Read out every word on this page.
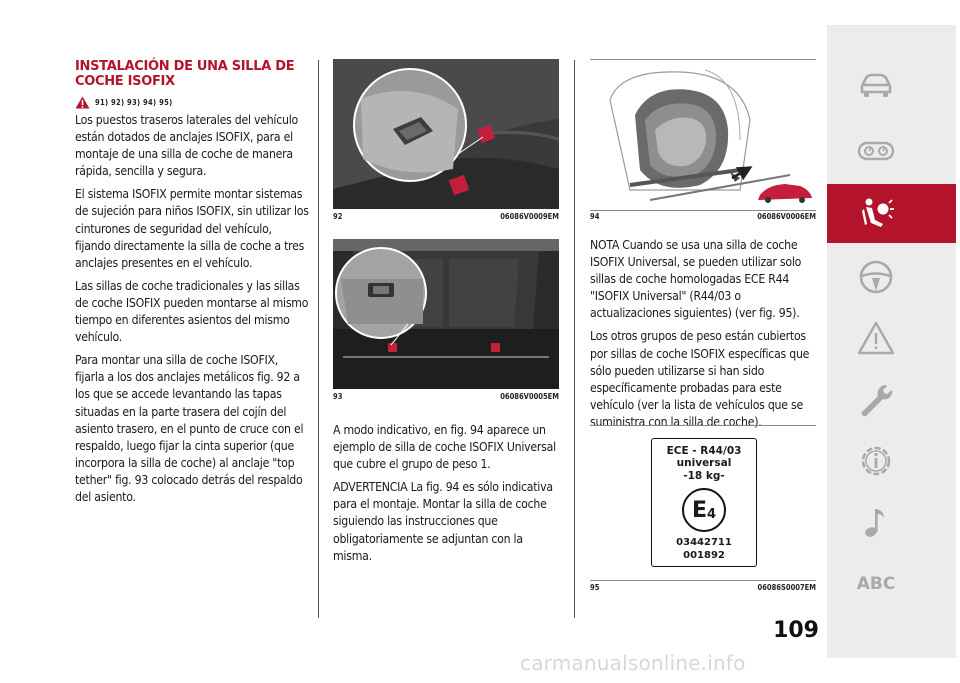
INSTALACIÓN DE UNA SILLA DE COCHE ISOFIX
91) 92) 93) 94) 95)

Los puestos traseros laterales del vehículo están dotados de anclajes ISOFIX, para el montaje de una silla de coche de manera rápida, sencilla y segura.

El sistema ISOFIX permite montar sistemas de sujeción para niños ISOFIX, sin utilizar los cinturones de seguridad del vehículo, fijando directamente la silla de coche a tres anclajes presentes en el vehículo.

Las sillas de coche tradicionales y las sillas de coche ISOFIX pueden montarse al mismo tiempo en diferentes asientos del mismo vehículo.

Para montar una silla de coche ISOFIX, fijarla a los dos anclajes metálicos fig. 92 a los que se accede levantando las tapas situadas en la parte trasera del cojín del asiento trasero, en el punto de cruce con el respaldo, luego fijar la cinta superior (que incorpora la silla de coche) al anclaje "top tether" fig. 93 colocado detrás del respaldo del asiento.

92	06086V0009EM
93	06086V0005EM

A modo indicativo, en fig. 94 aparece un ejemplo de silla de coche ISOFIX Universal que cubre el grupo de peso 1.

ADVERTENCIA La fig. 94 es sólo indicativa para el montaje. Montar la silla de coche siguiendo las instrucciones que obligatoriamente se adjuntan con la misma.

94	06086V0006EM

NOTA Cuando se usa una silla de coche ISOFIX Universal, se pueden utilizar solo sillas de coche homologadas ECE R44 "ISOFIX Universal" (R44/03 o actualizaciones siguientes) (ver fig. 95).

Los otros grupos de peso están cubiertos por sillas de coche ISOFIX específicas que sólo pueden utilizarse si han sido específicamente probadas para este vehículo (ver la lista de vehículos que se suministra con la silla de coche).

ECE - R44/03
universal
-18 kg-
$E_4$
03442711
001892
95	06086S0007EM ABC
109
carmanualsonline.info
